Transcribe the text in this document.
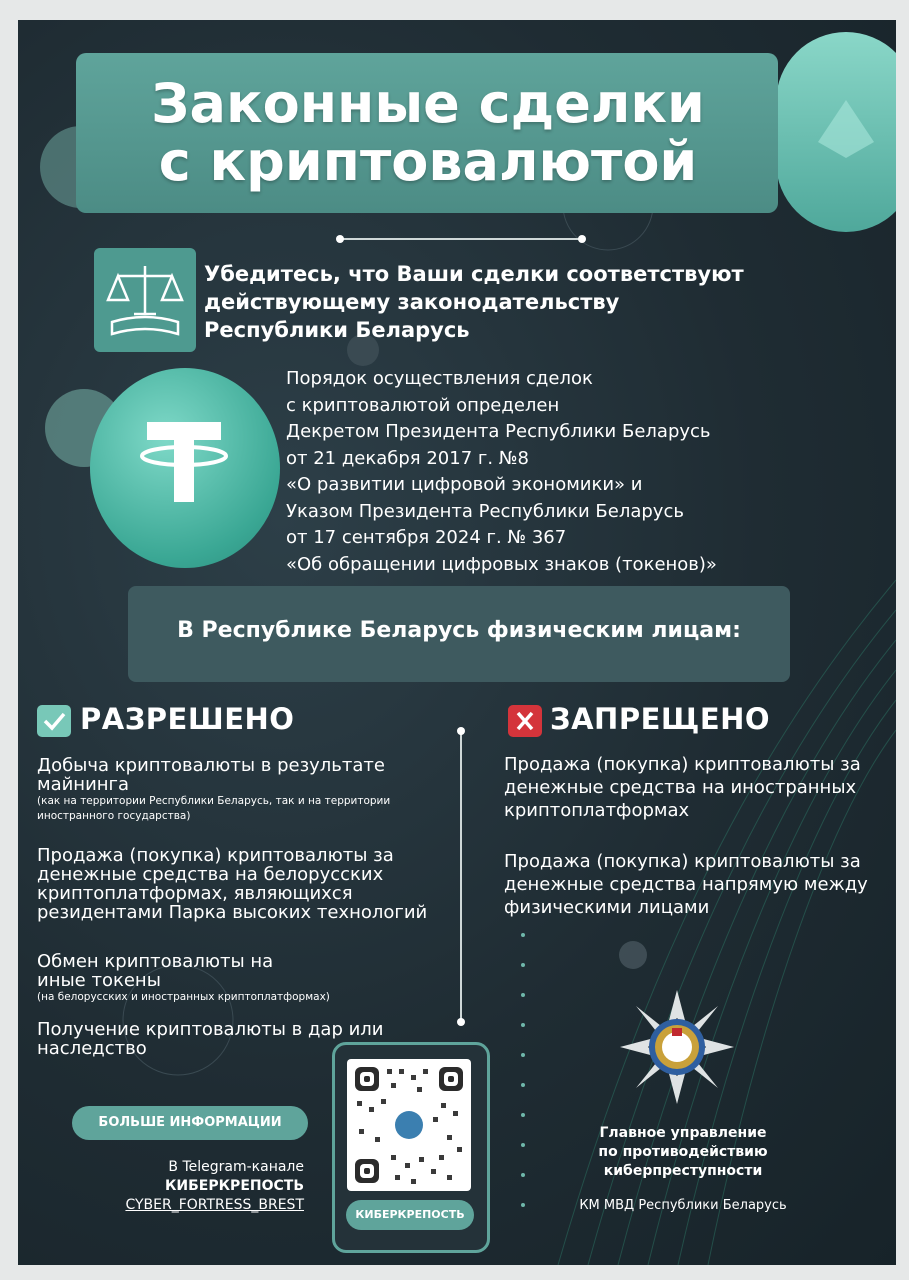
Законные сделки
с криптовалютой
Убедитесь, что Ваши сделки соответствуют
действующему законодательству
Республики Беларусь
Порядок осуществления сделок
с криптовалютой определен
Декретом Президента Республики Беларусь
от 21 декабря 2017 г. №8
«О развитии цифровой экономики» и
Указом Президента Республики Беларусь
от 17 сентября 2024 г. № 367
«Об обращении цифровых знаков (токенов)»
В Республике Беларусь физическим лицам:
РАЗРЕШЕНО
Добыча криптовалюты в результате майнинга
(как на территории Республики Беларусь, так и на территории иностранного государства)
Продажа (покупка) криптовалюты за денежные средства на белорусских криптоплатформах, являющихся резидентами Парка высоких технологий
Обмен криптовалюты на иные токены
(на белорусских и иностранных криптоплатформах)
Получение криптовалюты в дар или наследство
ЗАПРЕЩЕНО
Продажа (покупка) криптовалюты за денежные средства на иностранных криптоплатформах
Продажа (покупка) криптовалюты за денежные средства напрямую между физическими лицами
БОЛЬШЕ ИНФОРМАЦИИ
В Telegram-канале
КИБЕРКРЕПОСТЬ
CYBER_FORTRESS_BREST
КИБЕРКРЕПОСТЬ
Главное управление
по противодействию
киберпреступности
КМ МВД Республики Беларусь
